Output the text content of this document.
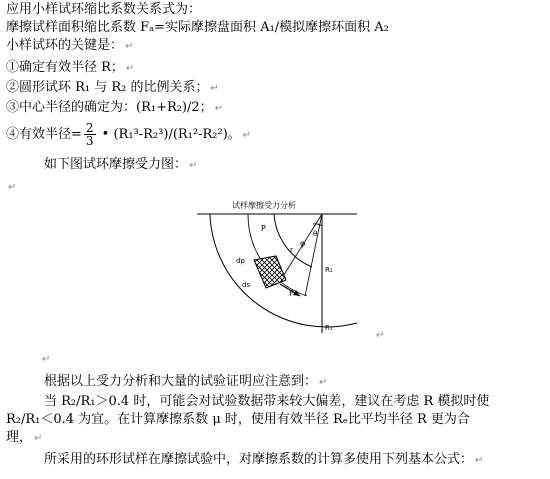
应用小样试环缩比系数关系式为：
摩擦试样面积缩比系数 Fₐ=实际摩擦盘面积 A₁/模拟摩擦环面积 A₂
小样试环的关键是： ↵
①确定有效半径 R； ↵
②圆形试环 R₁ 与 R₂ 的比例关系； ↵
③中心半径的确定为：(R₁+R₂)/2； ↵
④有效半径= $\frac{2}{3}$ • (R₁³-R₂³)/(R₁²-R₂²)。 ↵
如下图试环摩擦受力图： ↵
↵
试样摩擦受力分析
P
dp
F
φ
r
θ
ds
R₂
R₁
↵
↵
根据以上受力分析和大量的试验证明应注意到： ↵
当 R₂/R₁＞0.4 时，可能会对试验数据带来较大偏差，建议在考虑 R 模拟时使
R₂/R₁＜0.4 为宜。在计算摩擦系数 μ 时，使用有效半径 Rₑ比平均半径 R 更为合
理， ↵
所采用的环形试样在摩擦试验中，对摩擦系数的计算多使用下列基本公式： ↵
